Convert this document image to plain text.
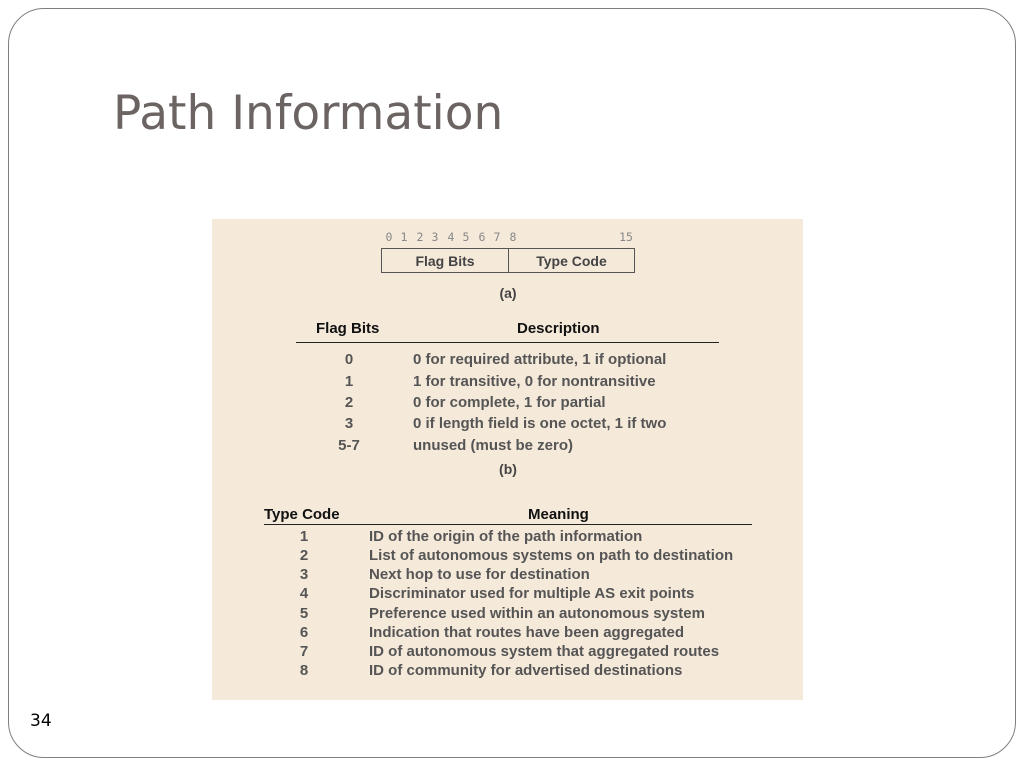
Path Information
0 1 2 3 4 5 6 7 8	15
Flag Bits	Type Code
(a)
Flag Bits	Description
0	0 for required attribute, 1 if optional
1	1 for transitive, 0 for nontransitive
2	0 for complete, 1 for partial
3	0 if length field is one octet, 1 if two
5-7	unused (must be zero)
(b)
Type Code	Meaning
1	ID of the origin of the path information
2	List of autonomous systems on path to destination
3	Next hop to use for destination
4	Discriminator used for multiple AS exit points
5	Preference used within an autonomous system
6	Indication that routes have been aggregated
7	ID of autonomous system that aggregated routes
8	ID of community for advertised destinations
34
